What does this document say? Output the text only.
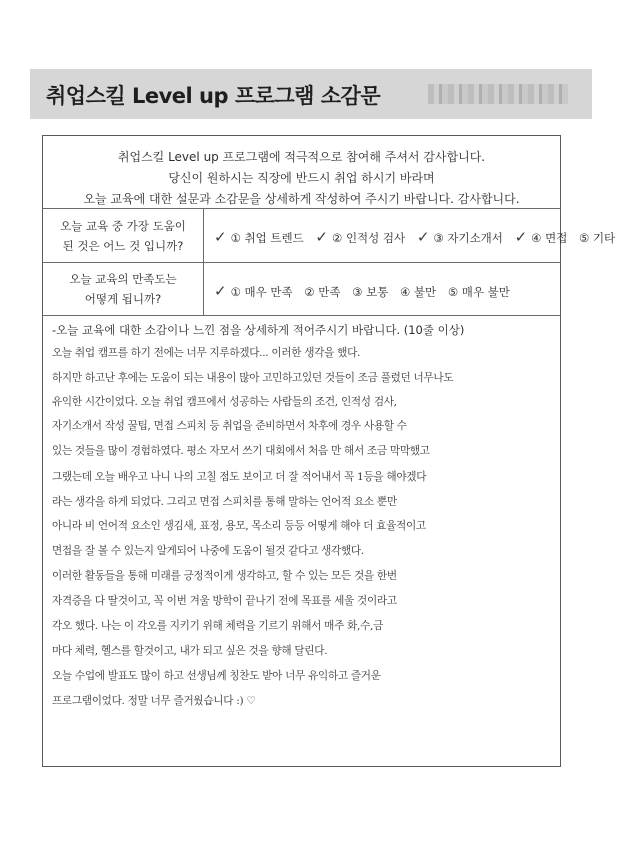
취업스킬 Level up 프로그램 소감문
취업스킬 Level up 프로그램에 적극적으로 참여해 주셔서 감사합니다.
당신이 원하시는 직장에 반드시 취업 하시기 바라며
오늘 교육에 대한 설문과 소감문을 상세하게 작성하여 주시기 바랍니다. 감사합니다.
오늘 교육 중 가장 도움이
된 것은 어느 것 입니까?	✓ ① 취업 트렌드 ✓ ② 인적성 검사 ✓ ③ 자기소개서 ✓ ④ 면접 ⑤ 기타
오늘 교육의 만족도는
어떻게 됩니까?	✓ ① 매우 만족 ② 만족 ③ 보통 ④ 불만 ⑤ 매우 불만
-오늘 교육에 대한 소감이나 느낀 점을 상세하게 적어주시기 바랍니다. (10줄 이상)
오늘 취업 캠프를 하기 전에는 너무 지루하겠다... 이러한 생각을 했다.
하지만 하고난 후에는 도움이 되는 내용이 많아 고민하고있던 것들이 조금 풀렸던 너무나도
유익한 시간이었다. 오늘 취업 캠프에서 성공하는 사람들의 조건, 인적성 검사,
자기소개서 작성 꿀팁, 면접 스피치 등 취업을 준비하면서 차후에 경우 사용할 수
있는 것들을 많이 경험하였다. 평소 자모서 쓰기 대회에서 처음 만 해서 조금 막막했고
그랬는데 오늘 배우고 나니 나의 고칠 점도 보이고 더 잘 적어내서 꼭 1등을 해야겠다
라는 생각을 하게 되었다. 그리고 면접 스피치를 통해 말하는 언어적 요소 뿐만
아니라 비 언어적 요소인 생김새, 표정, 용모, 목소리 등등 어떻게 해야 더 효율적이고
면접을 잘 볼 수 있는지 알게되어 나중에 도움이 될것 같다고 생각했다.
이러한 활동들을 통해 미래를 긍정적이게 생각하고, 할 수 있는 모든 것을 한번
자격증을 다 딸것이고, 꼭 이번 겨울 방학이 끝나기 전에 목표를 세울 것이라고
각오 했다. 나는 이 각오를 지키기 위해 체력을 기르기 위해서 매주 화,수,금
마다 체력, 헬스를 할것이고, 내가 되고 싶은 것을 향해 달린다.
오늘 수업에 발표도 많이 하고 선생님께 칭찬도 받아 너무 유익하고 즐거운
프로그램이었다. 정말 너무 즐거웠습니다 :) ♡
